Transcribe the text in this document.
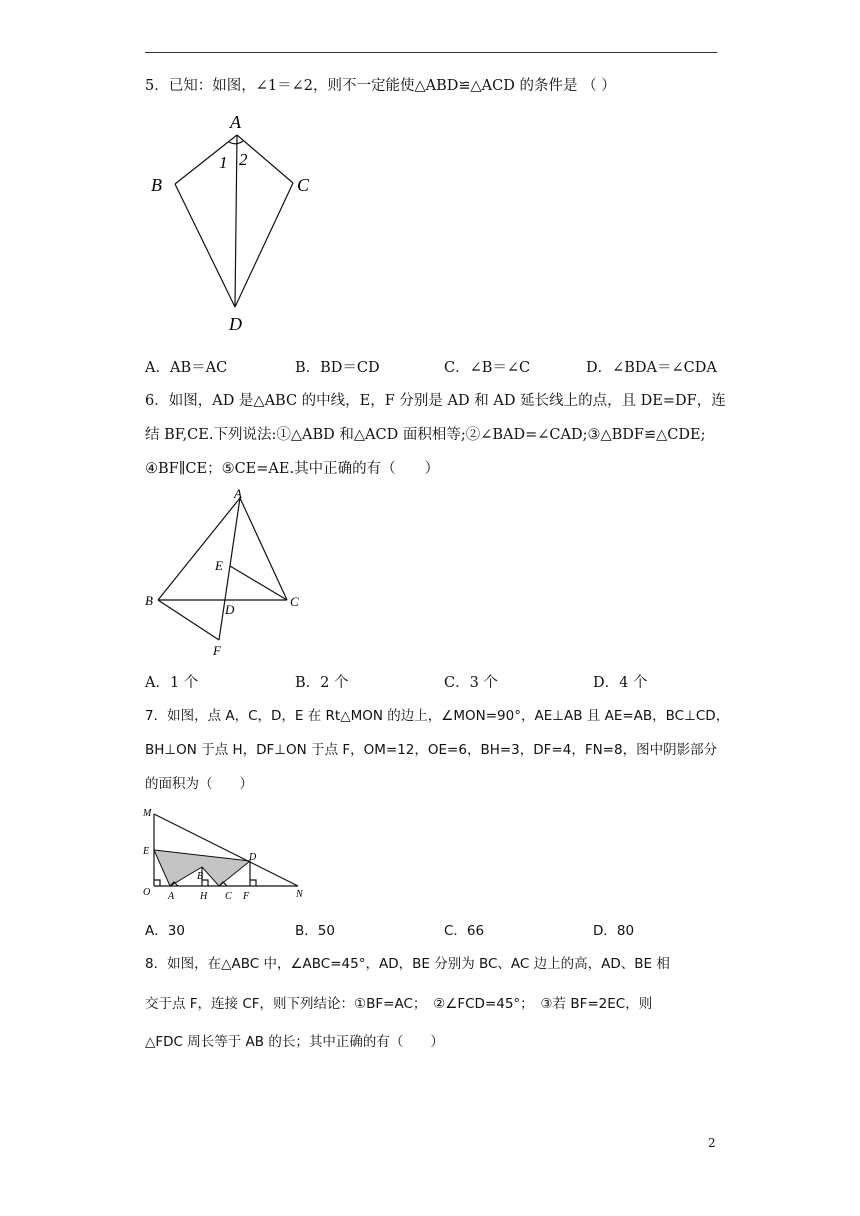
5．已知：如图，∠1＝∠2，则不一定能使△ABD≌△ACD 的条件是 （ ）
A
B	C
D
1 2
A．AB＝AC	B．BD＝CD	C．∠B＝∠C	D．∠BDA＝∠CDA
6．如图，AD 是△ABC 的中线，E，F 分别是 AD 和 AD 延长线上的点，且 DE=DF，连
结 BF,CE.下列说法:①△ABD 和△ACD 面积相等;②∠BAD=∠CAD;③△BDF≌△CDE;
④BF∥CE；⑤CE=AE.其中正确的有（　　）
A
B	C
D
E
F
A．1 个	B．2 个	C．3 个	D．4 个
7．如图，点 A，C，D，E 在 Rt△MON 的边上，∠MON=90°，AE⊥AB 且 AE=AB，BC⊥CD，
BH⊥ON 于点 H，DF⊥ON 于点 F，OM=12，OE=6，BH=3，DF=4，FN=8，图中阴影部分
的面积为（　　）
M
E
O A
B
H C F
D
N
A．30	B．50	C．66	D．80
8．如图，在△ABC 中，∠ABC=45°，AD，BE 分别为 BC、AC 边上的高，AD、BE 相
交于点 F，连接 CF，则下列结论：①BF=AC；　②∠FCD=45°；　③若 BF=2EC，则
△FDC 周长等于 AB 的长；其中正确的有（　　）
2
